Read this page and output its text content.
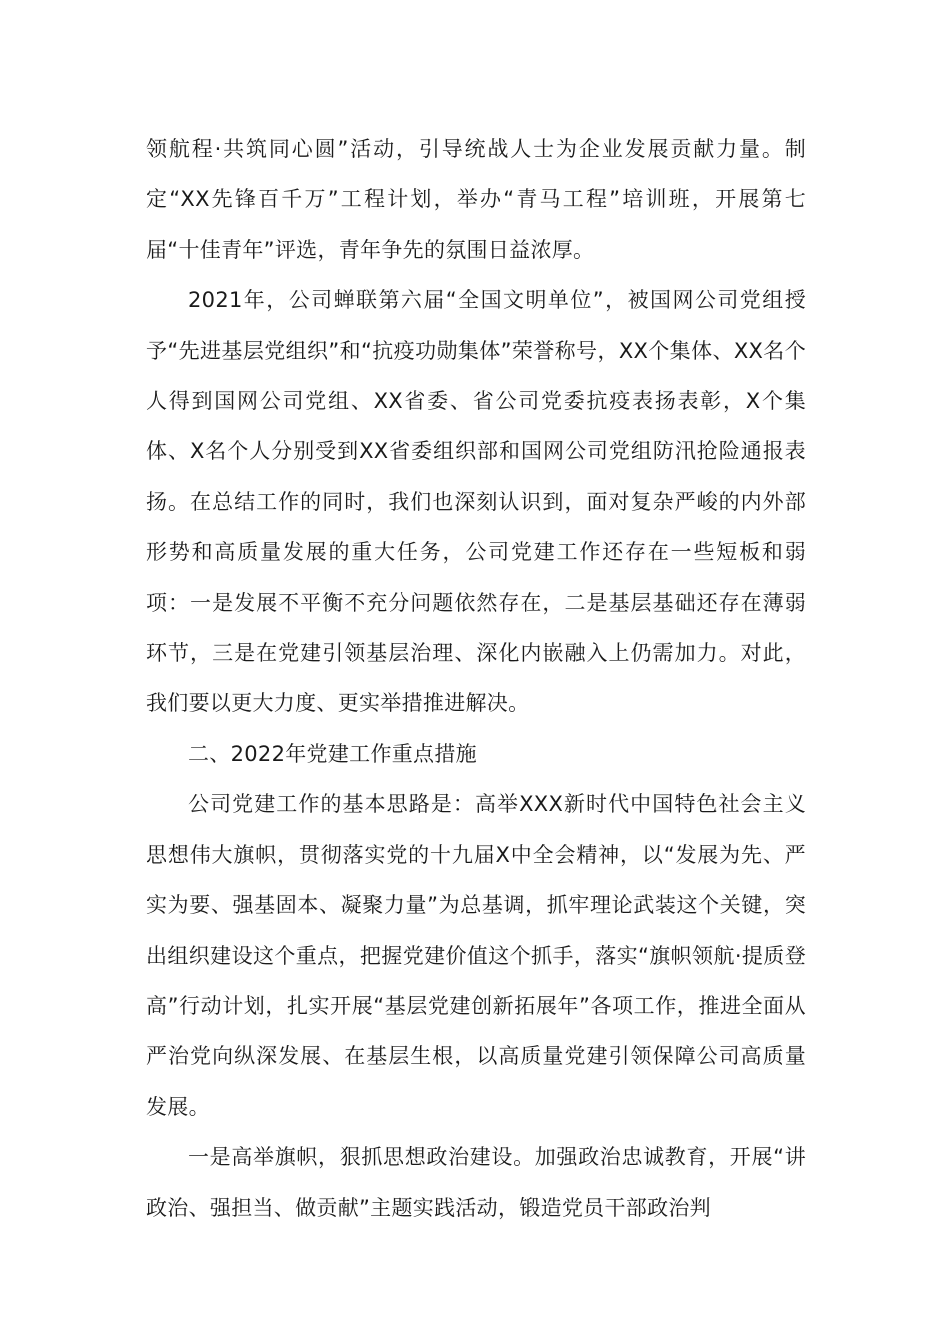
领航程·共筑同心圆”活动，引导统战人士为企业发展贡献力量。制定“XX先锋百千万”工程计划，举办“青马工程”培训班，开展第七届“十佳青年”评选，青年争先的氛围日益浓厚。

2021年，公司蝉联第六届“全国文明单位”，被国网公司党组授予“先进基层党组织”和“抗疫功勋集体”荣誉称号，XX个集体、XX名个人得到国网公司党组、XX省委、省公司党委抗疫表扬表彰，X个集体、X名个人分别受到XX省委组织部和国网公司党组防汛抢险通报表扬。在总结工作的同时，我们也深刻认识到，面对复杂严峻的内外部形势和高质量发展的重大任务，公司党建工作还存在一些短板和弱项：一是发展不平衡不充分问题依然存在，二是基层基础还存在薄弱环节，三是在党建引领基层治理、深化内嵌融入上仍需加力。对此，我们要以更大力度、更实举措推进解决。

二、2022年党建工作重点措施

公司党建工作的基本思路是：高举XXX新时代中国特色社会主义思想伟大旗帜，贯彻落实党的十九届X中全会精神，以“发展为先、严实为要、强基固本、凝聚力量”为总基调，抓牢理论武装这个关键，突出组织建设这个重点，把握党建价值这个抓手，落实“旗帜领航·提质登高”行动计划，扎实开展“基层党建创新拓展年”各项工作，推进全面从严治党向纵深发展、在基层生根，以高质量党建引领保障公司高质量发展。

一是高举旗帜，狠抓思想政治建设。加强政治忠诚教育，开展“讲政治、强担当、做贡献”主题实践活动，锻造党员干部政治判
